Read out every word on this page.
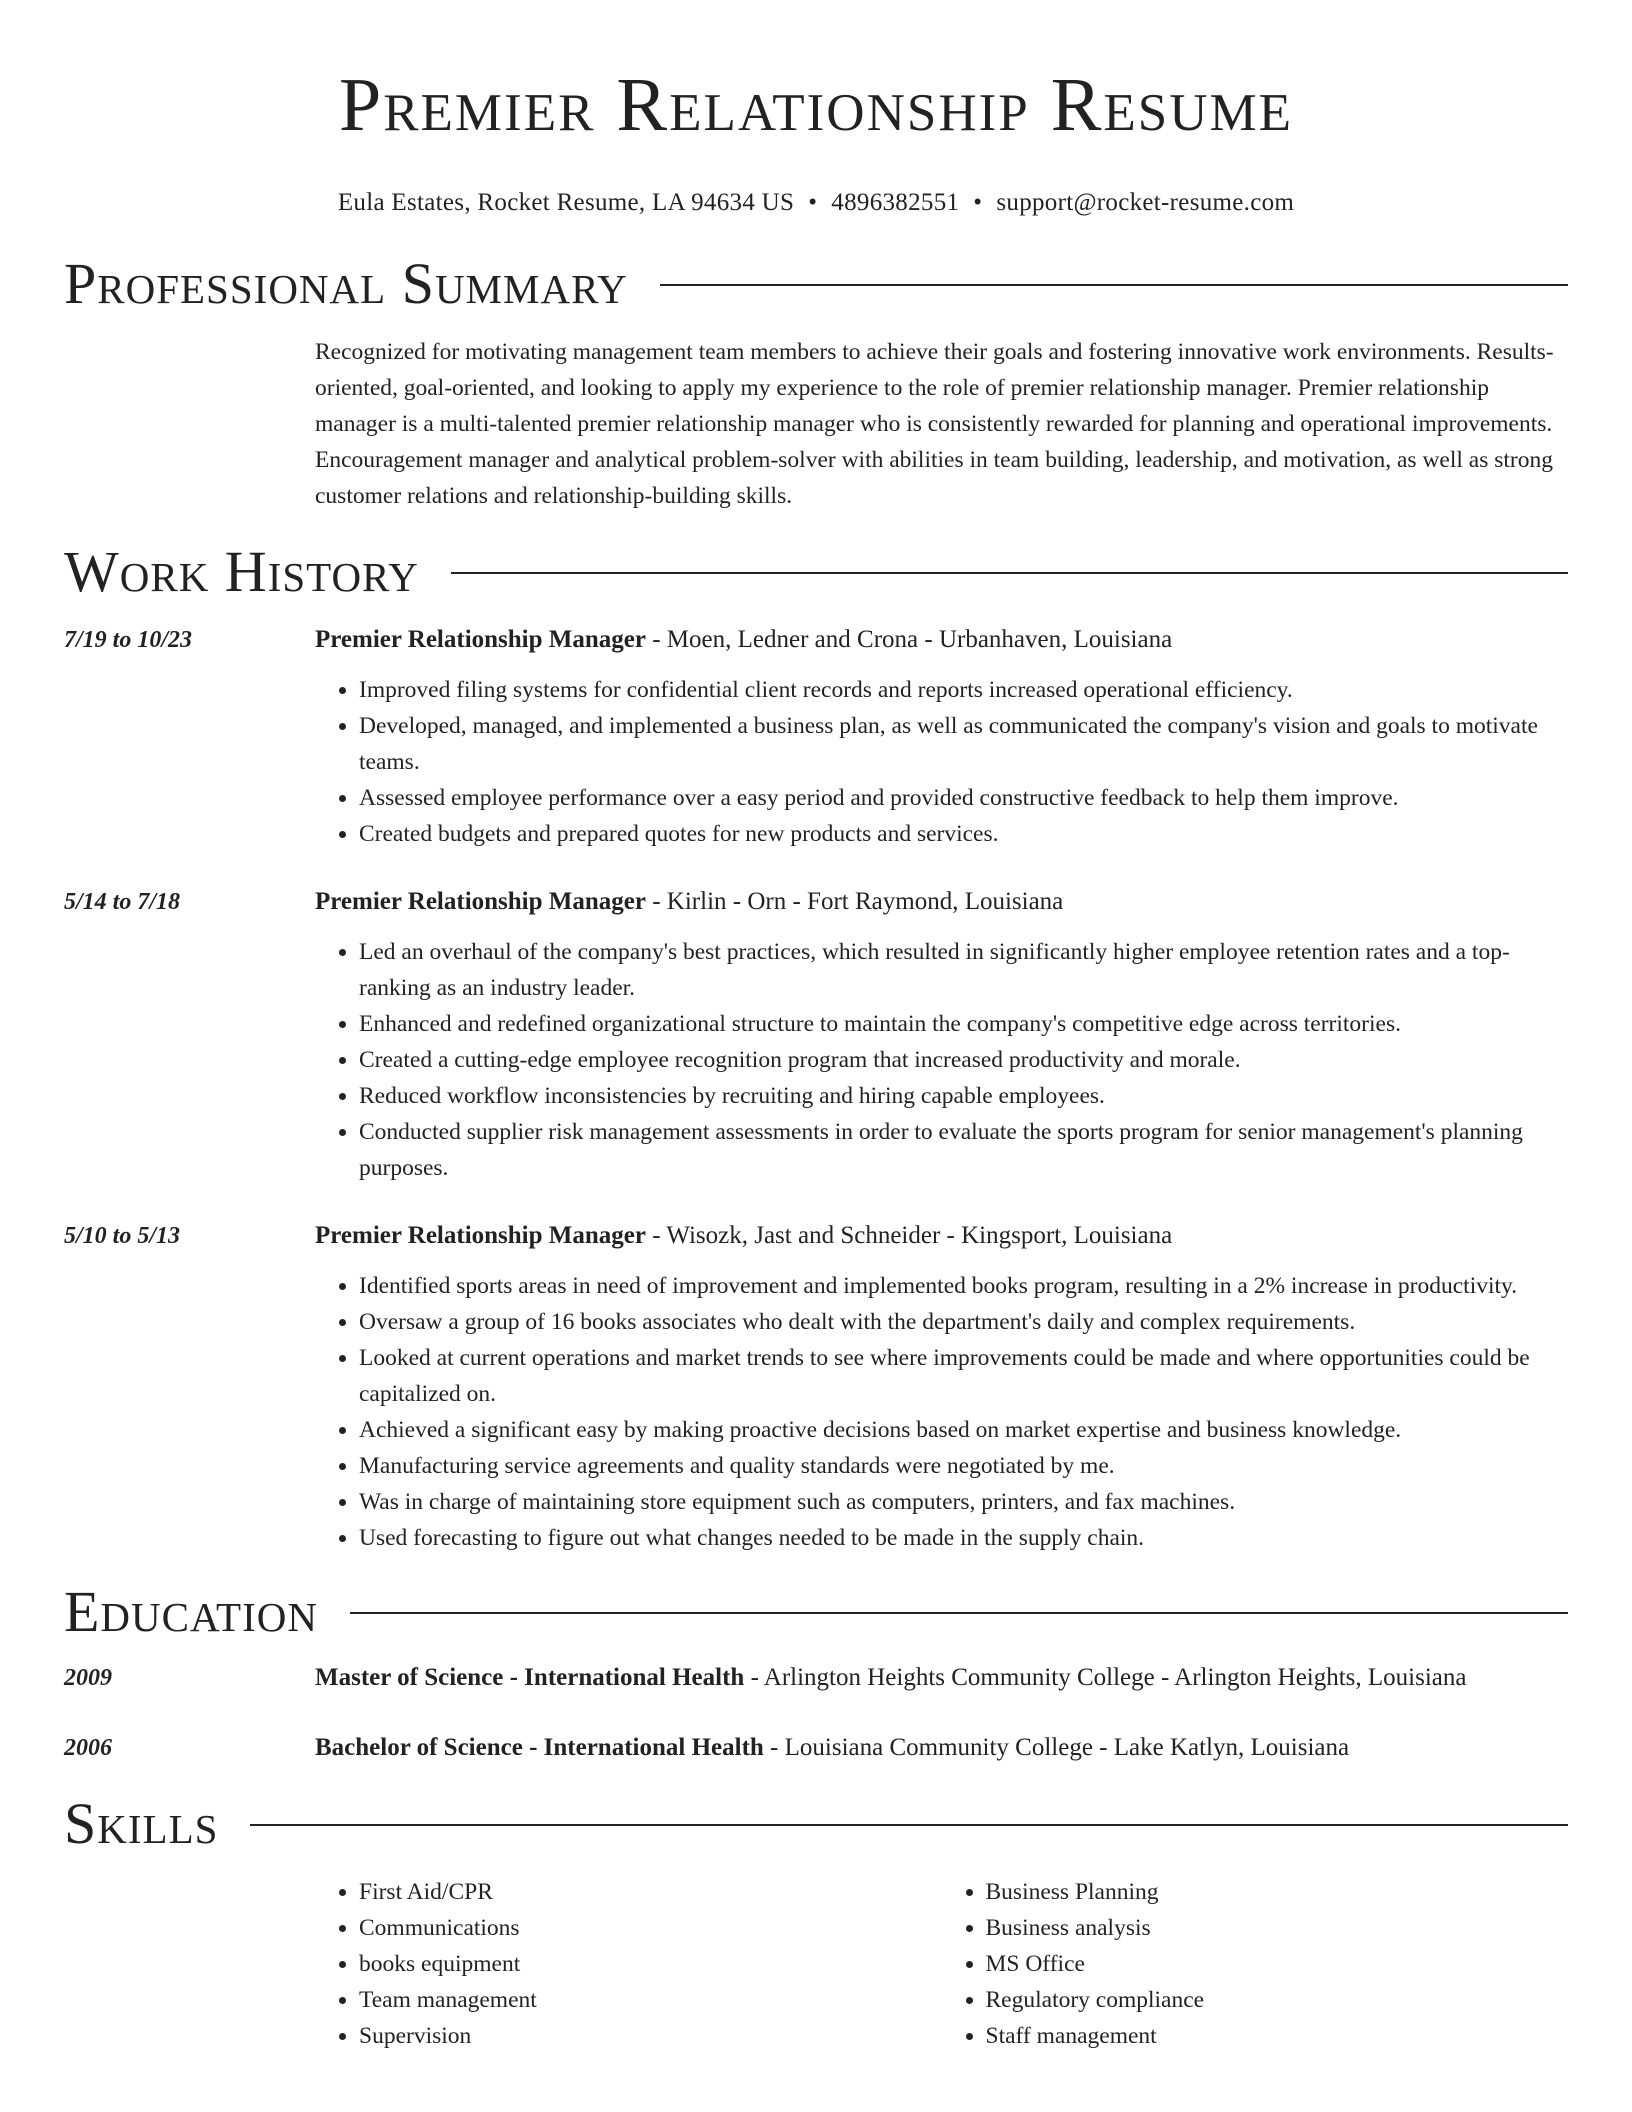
Premier Relationship Resume
Eula Estates, Rocket Resume, LA 94634 US • 4896382551 • support@rocket-resume.com
Professional Summary
Recognized for motivating management team members to achieve their goals and fostering innovative work environments. Results-oriented, goal-oriented, and looking to apply my experience to the role of premier relationship manager. Premier relationship manager is a multi-talented premier relationship manager who is consistently rewarded for planning and operational improvements. Encouragement manager and analytical problem-solver with abilities in team building, leadership, and motivation, as well as strong customer relations and relationship-building skills.
Work History
7/19 to 10/23	Premier Relationship Manager - Moen, Ledner and Crona - Urbanhaven, Louisiana
• Improved filing systems for confidential client records and reports increased operational efficiency.
• Developed, managed, and implemented a business plan, as well as communicated the company's vision and goals to motivate teams.
• Assessed employee performance over a easy period and provided constructive feedback to help them improve.
• Created budgets and prepared quotes for new products and services.
5/14 to 7/18	Premier Relationship Manager - Kirlin - Orn - Fort Raymond, Louisiana
• Led an overhaul of the company's best practices, which resulted in significantly higher employee retention rates and a top-ranking as an industry leader.
• Enhanced and redefined organizational structure to maintain the company's competitive edge across territories.
• Created a cutting-edge employee recognition program that increased productivity and morale.
• Reduced workflow inconsistencies by recruiting and hiring capable employees.
• Conducted supplier risk management assessments in order to evaluate the sports program for senior management's planning purposes.
5/10 to 5/13	Premier Relationship Manager - Wisozk, Jast and Schneider - Kingsport, Louisiana
• Identified sports areas in need of improvement and implemented books program, resulting in a 2% increase in productivity.
• Oversaw a group of 16 books associates who dealt with the department's daily and complex requirements.
• Looked at current operations and market trends to see where improvements could be made and where opportunities could be capitalized on.
• Achieved a significant easy by making proactive decisions based on market expertise and business knowledge.
• Manufacturing service agreements and quality standards were negotiated by me.
• Was in charge of maintaining store equipment such as computers, printers, and fax machines.
• Used forecasting to figure out what changes needed to be made in the supply chain.
Education
2009	Master of Science - International Health - Arlington Heights Community College - Arlington Heights, Louisiana
2006	Bachelor of Science - International Health - Louisiana Community College - Lake Katlyn, Louisiana
Skills
• First Aid/CPR
• Communications
• books equipment
• Team management
• Supervision
• Business Planning
• Business analysis
• MS Office
• Regulatory compliance
• Staff management
